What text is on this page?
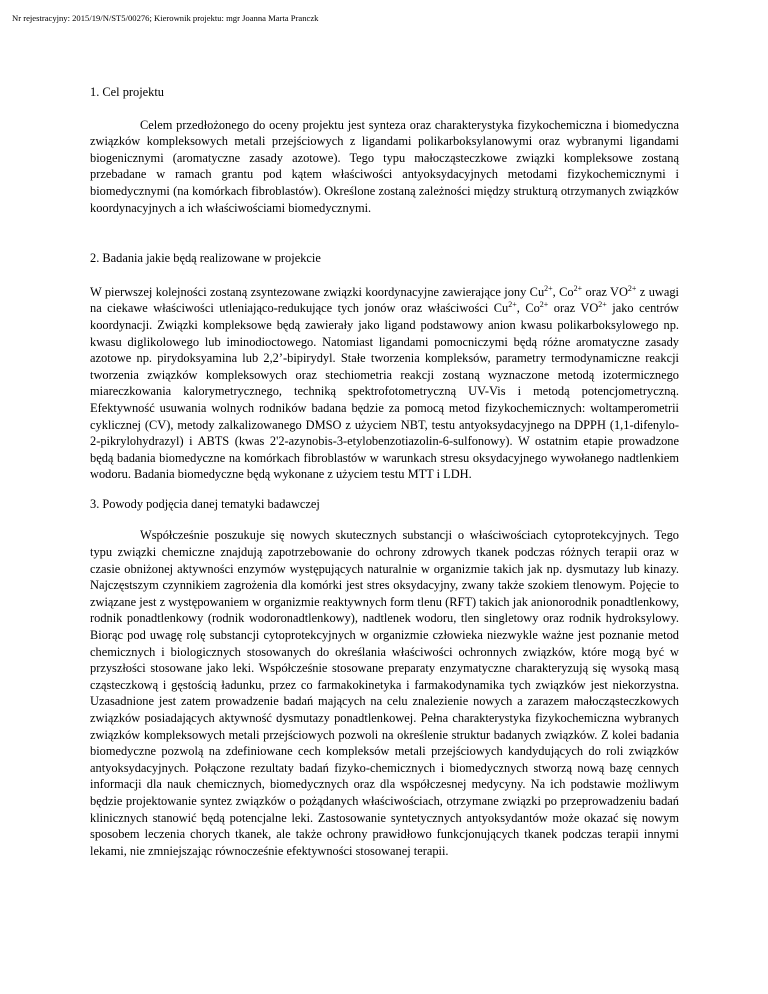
Nr rejestracyjny: 2015/19/N/ST5/00276; Kierownik projektu: mgr Joanna Marta Pranczk
1. Cel projektu

Celem przedłożonego do oceny projektu jest synteza oraz charakterystyka fizykochemiczna i biomedyczna związków kompleksowych metali przejściowych z ligandami polikarboksylanowymi oraz wybranymi ligandami biogenicznymi (aromatyczne zasady azotowe). Tego typu małocząsteczkowe związki kompleksowe zostaną przebadane w ramach grantu pod kątem właściwości antyoksydacyjnych metodami fizykochemicznymi i biomedycznymi (na komórkach fibroblastów). Określone zostaną zależności między strukturą otrzymanych związków koordynacyjnych a ich właściwościami biomedycznymi.

2. Badania jakie będą realizowane w projekcie

W pierwszej kolejności zostaną zsyntezowane związki koordynacyjne zawierające jony $Cu^{2+}$, $Co^{2+}$ oraz $VO^{2+}$ z uwagi na ciekawe właściwości utleniająco-redukujące tych jonów oraz właściwości $Cu^{2+}$, $Co^{2+}$ oraz $VO^{2+}$ jako centrów koordynacji. Związki kompleksowe będą zawierały jako ligand podstawowy anion kwasu polikarboksylowego np. kwasu diglikolowego lub iminodioctowego. Natomiast ligandami pomocniczymi będą różne aromatyczne zasady azotowe np. pirydoksyamina lub 2,2’-bipirydyl. Stałe tworzenia kompleksów, parametry termodynamiczne reakcji tworzenia związków kompleksowych oraz stechiometria reakcji zostaną wyznaczone metodą izotermicznego miareczkowania kalorymetrycznego, techniką spektrofotometryczną UV-Vis i metodą potencjometryczną. Efektywność usuwania wolnych rodników badana będzie za pomocą metod fizykochemicznych: woltamperometrii cyklicznej (CV), metody zalkalizowanego DMSO z użyciem NBT, testu antyoksydacyjnego na DPPH (1,1-difenylo-2-pikrylohydrazyl) i ABTS (kwas 2'2-azynobis-3-etylobenzotiazolin-6-sulfonowy). W ostatnim etapie prowadzone będą badania biomedyczne na komórkach fibroblastów w warunkach stresu oksydacyjnego wywołanego nadtlenkiem wodoru. Badania biomedyczne będą wykonane z użyciem testu MTT i LDH.

3. Powody podjęcia danej tematyki badawczej

Współcześnie poszukuje się nowych skutecznych substancji o właściwościach cytoprotekcyjnych. Tego typu związki chemiczne znajdują zapotrzebowanie do ochrony zdrowych tkanek podczas różnych terapii oraz w czasie obniżonej aktywności enzymów występujących naturalnie w organizmie takich jak np. dysmutazy lub kinazy. Najczęstszym czynnikiem zagrożenia dla komórki jest stres oksydacyjny, zwany także szokiem tlenowym. Pojęcie to związane jest z występowaniem w organizmie reaktywnych form tlenu (RFT) takich jak anionorodnik ponadtlenkowy, rodnik ponadtlenkowy (rodnik wodoronadtlenkowy), nadtlenek wodoru, tlen singletowy oraz rodnik hydroksylowy. Biorąc pod uwagę rolę substancji cytoprotekcyjnych w organizmie człowieka niezwykle ważne jest poznanie metod chemicznych i biologicznych stosowanych do określania właściwości ochronnych związków, które mogą być w przyszłości stosowane jako leki. Współcześnie stosowane preparaty enzymatyczne charakteryzują się wysoką masą cząsteczkową i gęstością ładunku, przez co farmakokinetyka i farmakodynamika tych związków jest niekorzystna. Uzasadnione jest zatem prowadzenie badań mających na celu znalezienie nowych a zarazem małocząsteczkowych związków posiadających aktywność dysmutazy ponadtlenkowej. Pełna charakterystyka fizykochemiczna wybranych związków kompleksowych metali przejściowych pozwoli na określenie struktur badanych związków. Z kolei badania biomedyczne pozwolą na zdefiniowane cech kompleksów metali przejściowych kandydujących do roli związków antyoksydacyjnych. Połączone rezultaty badań fizyko-chemicznych i biomedycznych stworzą nową bazę cennych informacji dla nauk chemicznych, biomedycznych oraz dla współczesnej medycyny. Na ich podstawie możliwym będzie projektowanie syntez związków o pożądanych właściwościach, otrzymane związki po przeprowadzeniu badań klinicznych stanowić będą potencjalne leki. Zastosowanie syntetycznych antyoksydantów może okazać się nowym sposobem leczenia chorych tkanek, ale także ochrony prawidłowo funkcjonujących tkanek podczas terapii innymi lekami, nie zmniejszając równocześnie efektywności stosowanej terapii.
